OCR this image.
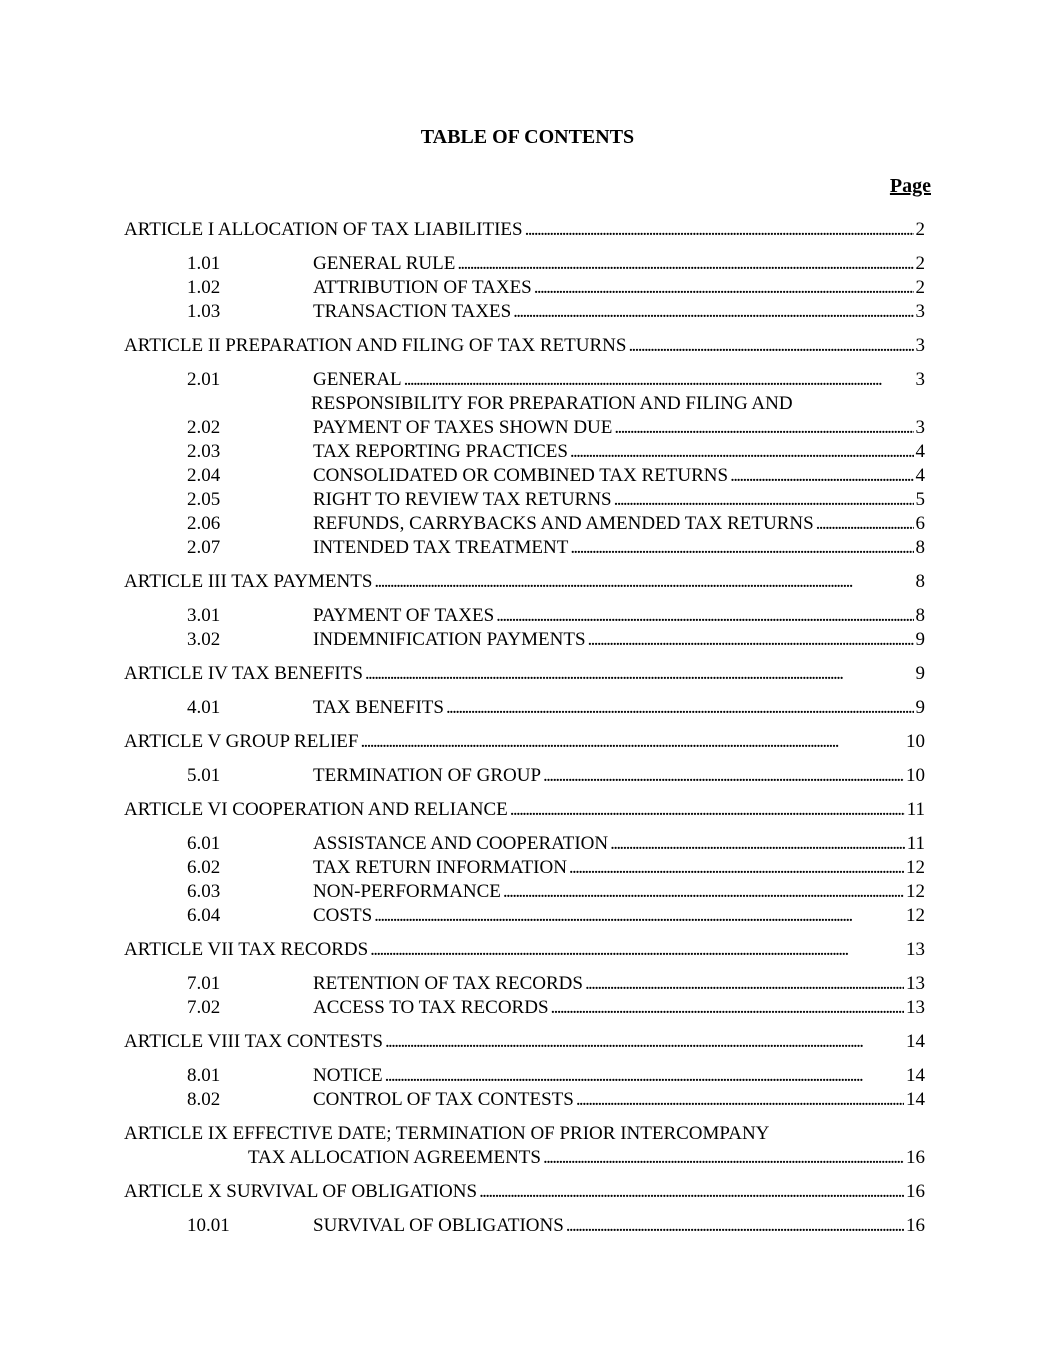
TABLE OF CONTENTS
Page
ARTICLE I ALLOCATION OF TAX LIABILITIES . . .	2
1.01	GENERAL RULE . . .	2
1.02	ATTRIBUTION OF TAXES . . .	2
1.03	TRANSACTION TAXES . . .	3
ARTICLE II PREPARATION AND FILING OF TAX RETURNS . . .	3
2.01	GENERAL . . .	3
RESPONSIBILITY FOR PREPARATION AND FILING AND
2.02	PAYMENT OF TAXES SHOWN DUE . . .	3
2.03	TAX REPORTING PRACTICES . . .	4
2.04	CONSOLIDATED OR COMBINED TAX RETURNS . . .	4
2.05	RIGHT TO REVIEW TAX RETURNS . . .	5
2.06	REFUNDS, CARRYBACKS AND AMENDED TAX RETURNS . . .	6
2.07	INTENDED TAX TREATMENT . . .	8
ARTICLE III TAX PAYMENTS . . .	8
3.01	PAYMENT OF TAXES . . .	8
3.02	INDEMNIFICATION PAYMENTS . . .	9
ARTICLE IV TAX BENEFITS . . .	9
4.01	TAX BENEFITS . . .	9
ARTICLE V GROUP RELIEF . . .	10
5.01	TERMINATION OF GROUP . . .	10
ARTICLE VI COOPERATION AND RELIANCE . . .	11
6.01	ASSISTANCE AND COOPERATION . . .	11
6.02	TAX RETURN INFORMATION . . .	12
6.03	NON-PERFORMANCE . . .	12
6.04	COSTS . . .	12
ARTICLE VII TAX RECORDS . . .	13
7.01	RETENTION OF TAX RECORDS . . .	13
7.02	ACCESS TO TAX RECORDS . . .	13
ARTICLE VIII TAX CONTESTS . . .	14
8.01	NOTICE . . .	14
8.02	CONTROL OF TAX CONTESTS . . .	14
ARTICLE IX EFFECTIVE DATE; TERMINATION OF PRIOR INTERCOMPANY
TAX ALLOCATION AGREEMENTS . . .	16
ARTICLE X SURVIVAL OF OBLIGATIONS . . .	16
10.01	SURVIVAL OF OBLIGATIONS . . .	16
